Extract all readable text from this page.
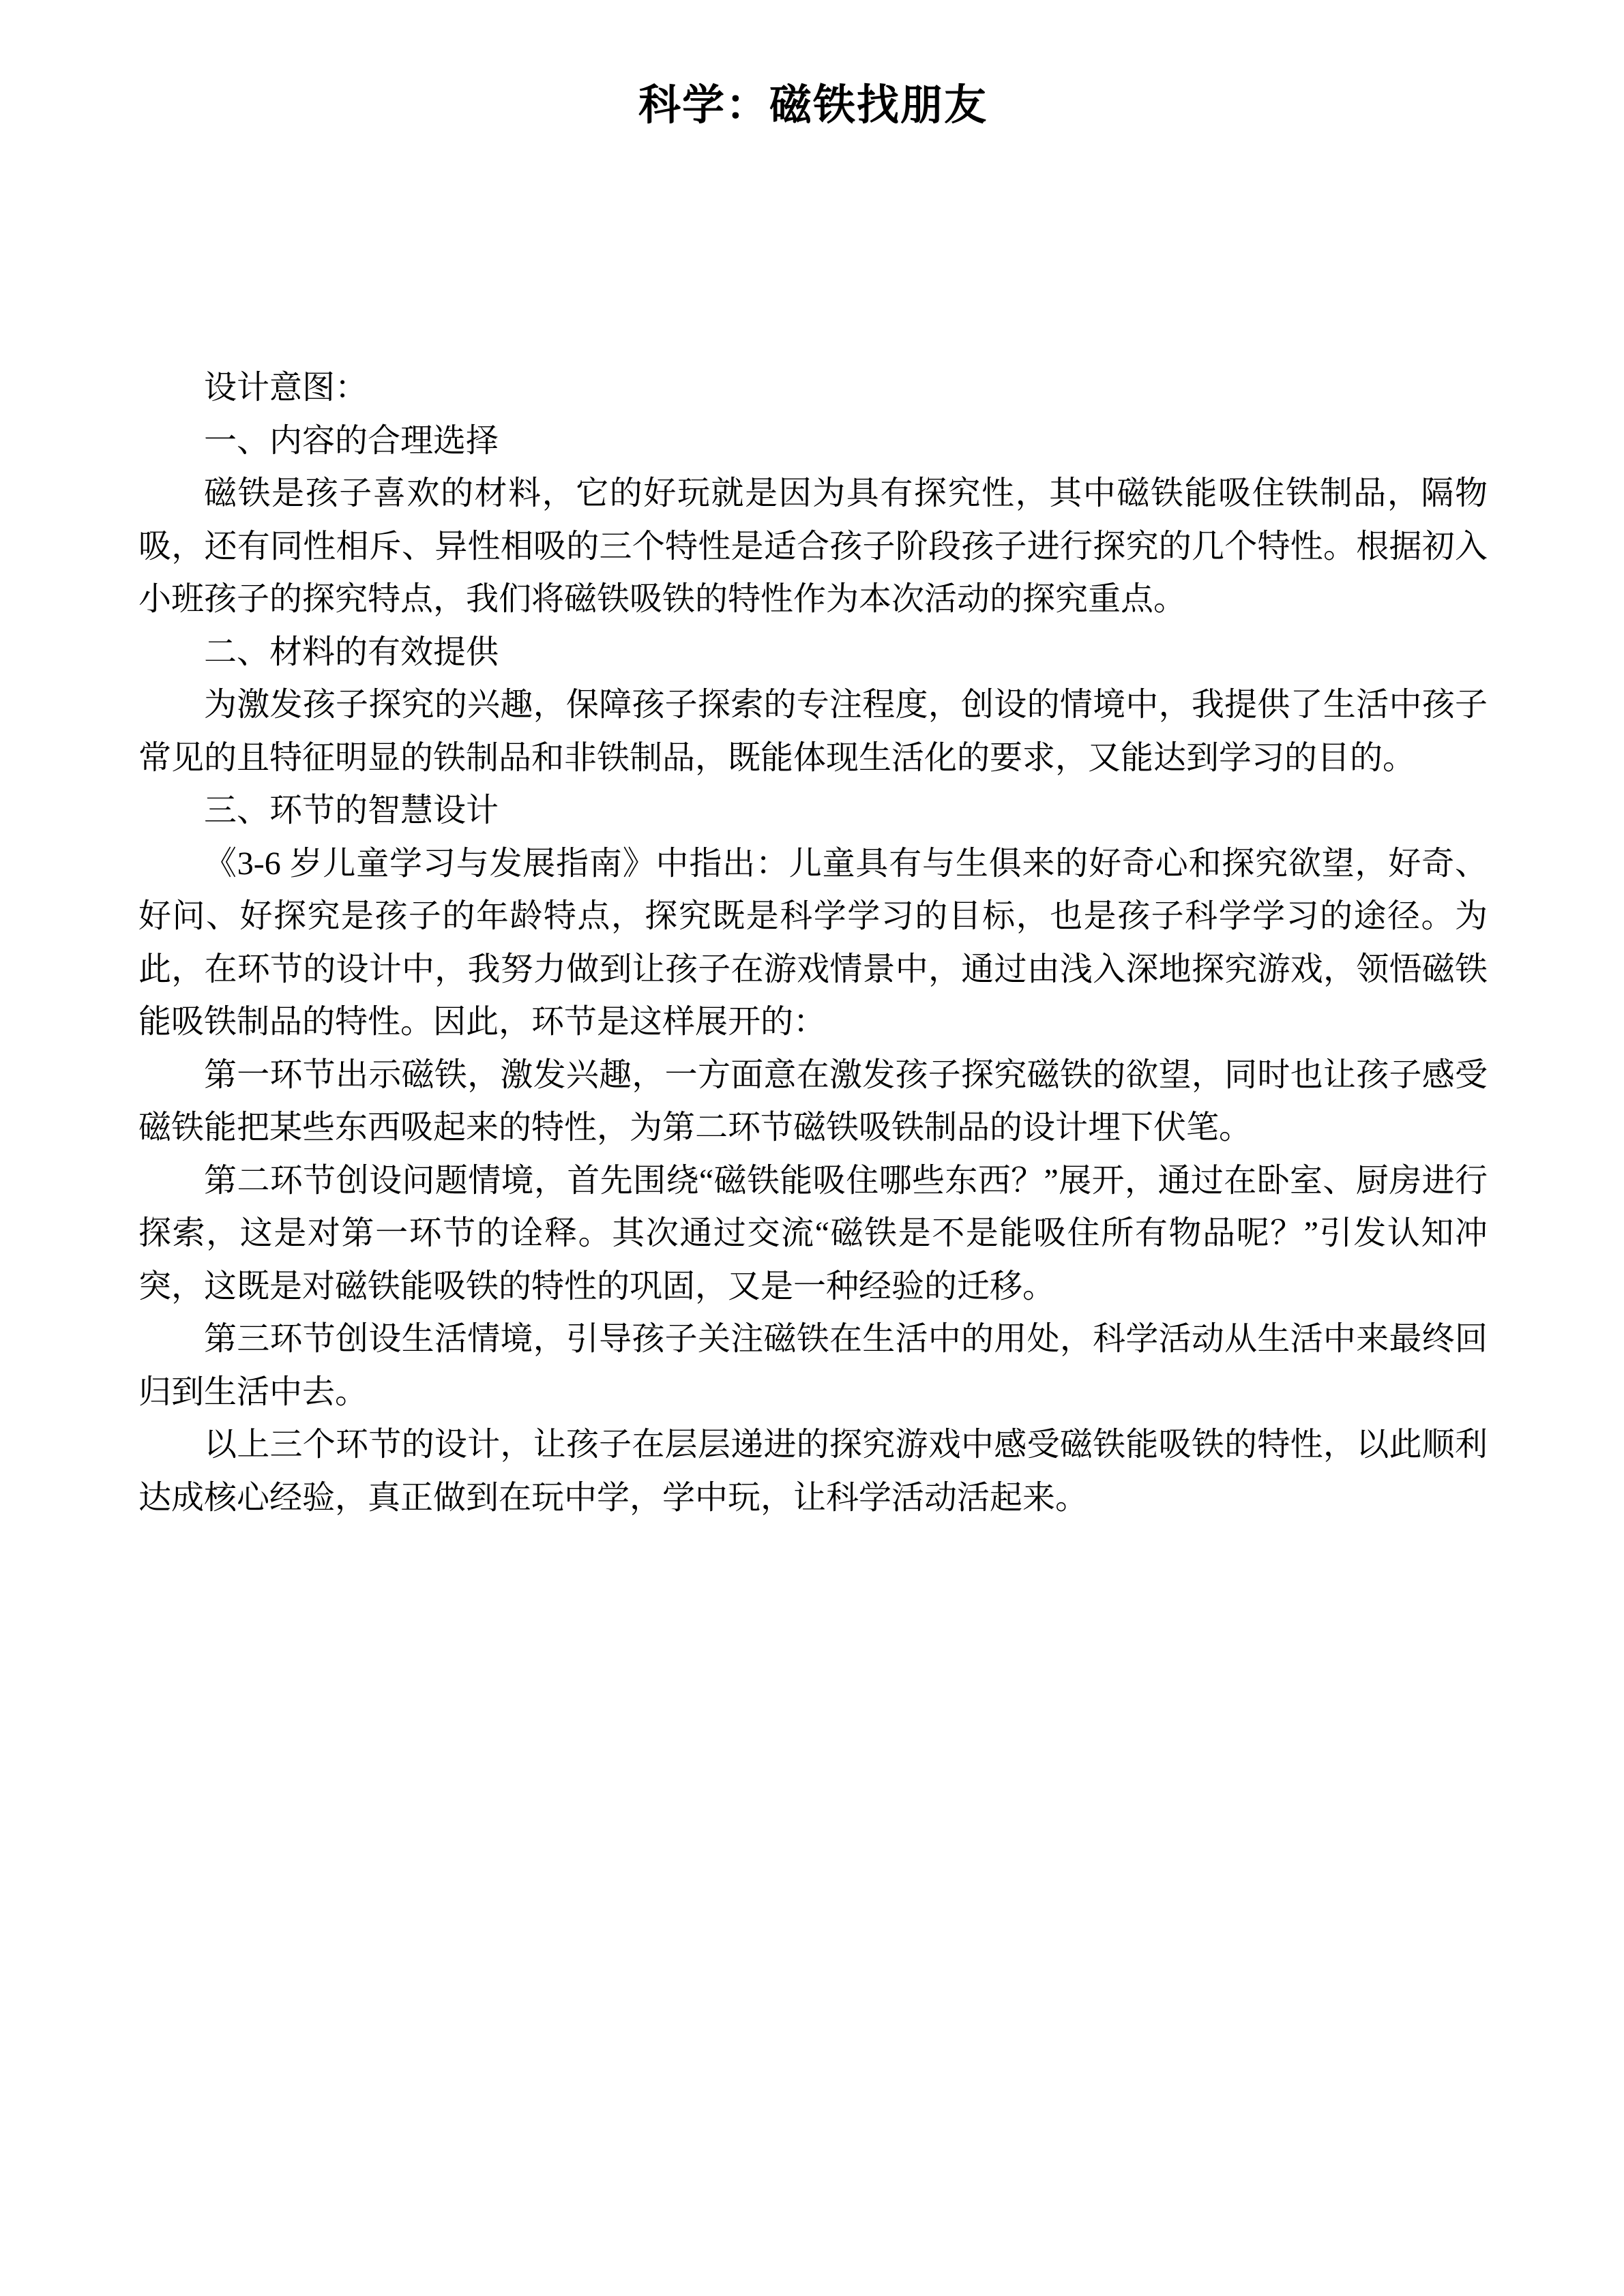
科学：磁铁找朋友

设计意图：

一、内容的合理选择

磁铁是孩子喜欢的材料，它的好玩就是因为具有探究性，其中磁铁能吸住铁制品，隔物吸，还有同性相斥、异性相吸的三个特性是适合孩子阶段孩子进行探究的几个特性。根据初入小班孩子的探究特点，我们将磁铁吸铁的特性作为本次活动的探究重点。

二、材料的有效提供

为激发孩子探究的兴趣，保障孩子探索的专注程度，创设的情境中，我提供了生活中孩子常见的且特征明显的铁制品和非铁制品，既能体现生活化的要求，又能达到学习的目的。

三、环节的智慧设计

《3-6 岁儿童学习与发展指南》中指出：儿童具有与生俱来的好奇心和探究欲望，好奇、好问、好探究是孩子的年龄特点，探究既是科学学习的目标，也是孩子科学学习的途径。为此，在环节的设计中，我努力做到让孩子在游戏情景中，通过由浅入深地探究游戏，领悟磁铁能吸铁制品的特性。因此，环节是这样展开的：

第一环节出示磁铁，激发兴趣，一方面意在激发孩子探究磁铁的欲望，同时也让孩子感受磁铁能把某些东西吸起来的特性，为第二环节磁铁吸铁制品的设计埋下伏笔。

第二环节创设问题情境，首先围绕“磁铁能吸住哪些东西？”展开，通过在卧室、厨房进行探索，这是对第一环节的诠释。其次通过交流“磁铁是不是能吸住所有物品呢？”引发认知冲突，这既是对磁铁能吸铁的特性的巩固，又是一种经验的迁移。

第三环节创设生活情境，引导孩子关注磁铁在生活中的用处，科学活动从生活中来最终回归到生活中去。

以上三个环节的设计，让孩子在层层递进的探究游戏中感受磁铁能吸铁的特性，以此顺利达成核心经验，真正做到在玩中学，学中玩，让科学活动活起来。
